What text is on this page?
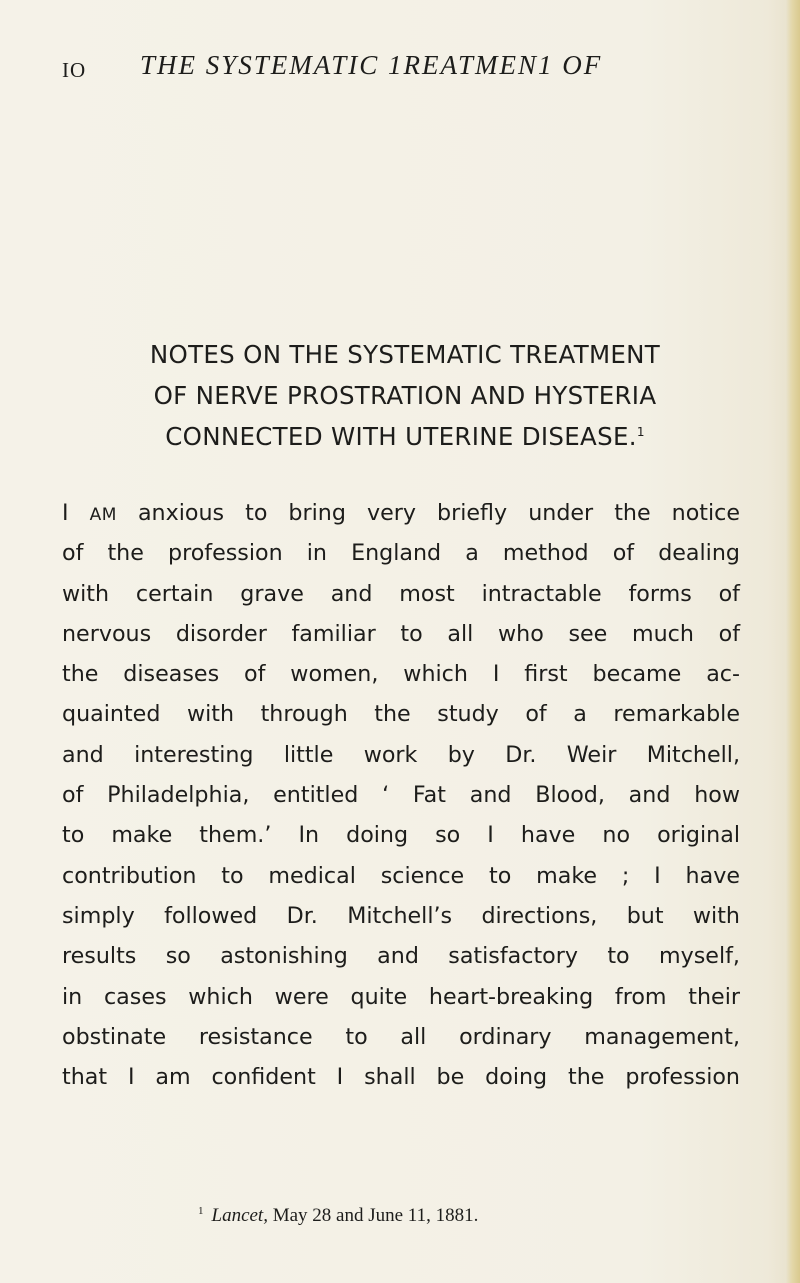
IO THE SYSTEMATIC 1REATMEN1 OF
NOTES ON THE SYSTEMATIC TREATMENT
OF NERVE PROSTRATION AND HYSTERIA
CONNECTED WITH UTERINE DISEASE.$^1$
I AM anxious to bring very briefly under the notice
of the profession in England a method of dealing
with certain grave and most intractable forms of
nervous disorder familiar to all who see much of
the diseases of women, which I first became ac-
quainted with through the study of a remarkable
and interesting little work by Dr. Weir Mitchell,
of Philadelphia, entitled ‘ Fat and Blood, and how
to make them.’ In doing so I have no original
contribution to medical science to make ; I have
simply followed Dr. Mitchell’s directions, but with
results so astonishing and satisfactory to myself,
in cases which were quite heart-breaking from their
obstinate resistance to all ordinary management,
that I am confident I shall be doing the profession
$^1$ Lancet, May 28 and June 11, 1881.
